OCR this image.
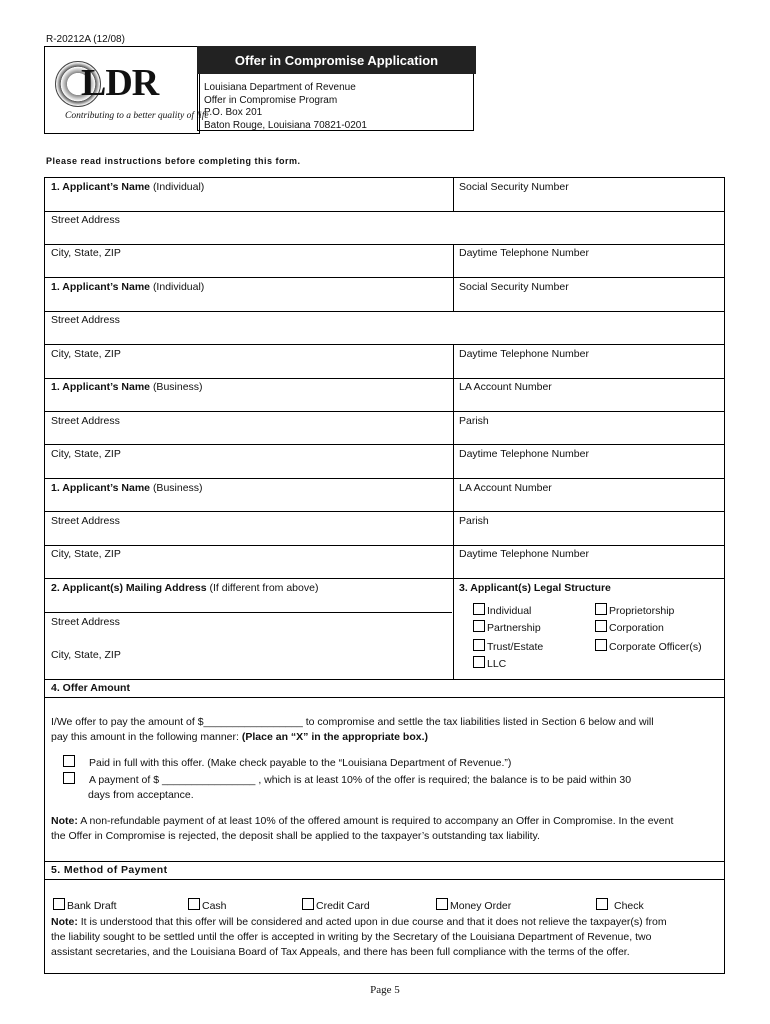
R-20212A (12/08)
LDR
Contributing to a better quality of life
Offer in Compromise Application
Louisiana Department of Revenue
Offer in Compromise Program
P.O. Box 201
Baton Rouge, Louisiana 70821-0201
Please read instructions before completing this form.
1. Applicant’s Name (Individual)	Social Security Number
Street Address
City, State, ZIP	Daytime Telephone Number
1. Applicant’s Name (Individual)	Social Security Number
Street Address
City, State, ZIP	Daytime Telephone Number
1. Applicant’s Name (Business)	LA Account Number
Street Address	Parish
City, State, ZIP	Daytime Telephone Number
1. Applicant’s Name (Business)	LA Account Number
Street Address	Parish
City, State, ZIP	Daytime Telephone Number
2. Applicant(s) Mailing Address (If different from above)
Street Address
City, State, ZIP
3. Applicant(s) Legal Structure
Individual	Proprietorship
Partnership	Corporation
Trust/Estate	Corporate Officer(s)
LLC
4. Offer Amount
I/We offer to pay the amount of $_________________ to compromise and settle the tax liabilities listed in Section 6 below and will
pay this amount in the following manner: (Place an “X” in the appropriate box.)
Paid in full with this offer. (Make check payable to the “Louisiana Department of Revenue.”)
A payment of $ ________________ , which is at least 10% of the offer is required; the balance is to be paid within 30
days from acceptance.
Note: A non-refundable payment of at least 10% of the offered amount is required to accompany an Offer in Compromise. In the event
the Offer in Compromise is rejected, the deposit shall be applied to the taxpayer’s outstanding tax liability.
5. Method of Payment
Bank Draft	Cash	Credit Card	Money Order	Check
Note: It is understood that this offer will be considered and acted upon in due course and that it does not relieve the taxpayer(s) from
the liability sought to be settled until the offer is accepted in writing by the Secretary of the Louisiana Department of Revenue, two
assistant secretaries, and the Louisiana Board of Tax Appeals, and there has been full compliance with the terms of the offer.
Page 5
